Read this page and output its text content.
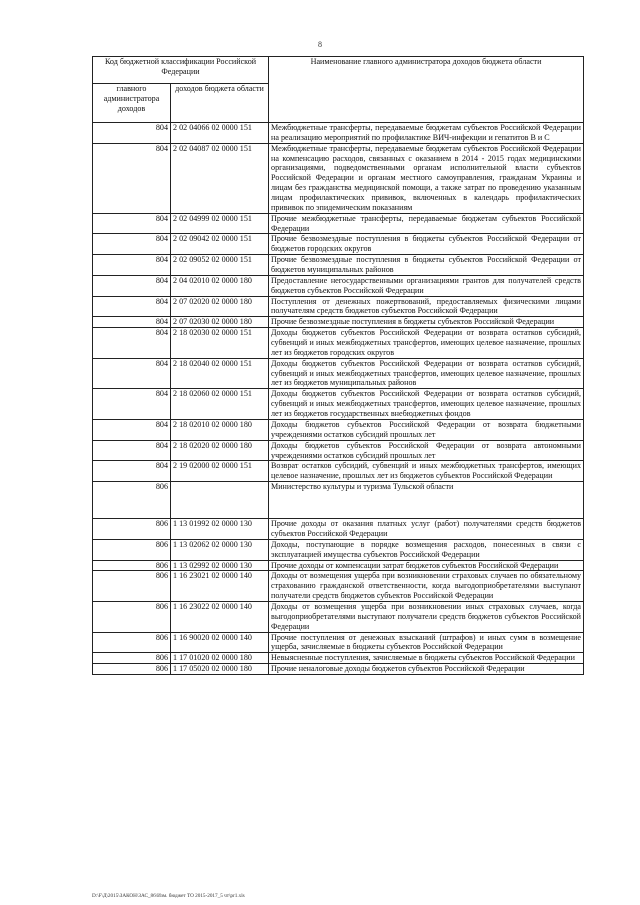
8
Код бюджетной классификации Российской Федерации		Наименование главного администратора доходов бюджета области
главного администратора доходов	доходов бюджета области	
804	2 02 04066 02 0000 151	Межбюджетные трансферты, передаваемые бюджетам субъектов Российской Федерации на реализацию мероприятий по профилактике ВИЧ-инфекции и гепатитов В и С
804	2 02 04087 02 0000 151	Межбюджетные трансферты, передаваемые бюджетам субъектов Российской Федерации на компенсацию расходов, связанных с оказанием в 2014 - 2015 годах медицинскими организациями, подведомственными органам исполнительной власти субъектов Российской Федерации и органам местного самоуправления, гражданам Украины и лицам без гражданства медицинской помощи, а также затрат по проведению указанным лицам профилактических прививок, включенных в календарь профилактических прививок по эпидемическим показаниям
804	2 02 04999 02 0000 151	Прочие межбюджетные трансферты, передаваемые бюджетам субъектов Российской Федерации
804	2 02 09042 02 0000 151	Прочие безвозмездные поступления в бюджеты субъектов Российской Федерации от бюджетов городских округов
804	2 02 09052 02 0000 151	Прочие безвозмездные поступления в бюджеты субъектов Российской Федерации от бюджетов муниципальных районов
804	2 04 02010 02 0000 180	Предоставление негосударственными организациями грантов для получателей средств бюджетов субъектов Российской Федерации
804	2 07 02020 02 0000 180	Поступления от денежных пожертвований, предоставляемых физическими лицами получателям средств бюджетов субъектов Российской Федерации
804	2 07 02030 02 0000 180	Прочие безвозмездные поступления в бюджеты субъектов Российской Федерации
804	2 18 02030 02 0000 151	Доходы бюджетов субъектов Российской Федерации от возврата остатков субсидий, субвенций и иных межбюджетных трансфертов, имеющих целевое назначение, прошлых лет из бюджетов городских округов
804	2 18 02040 02 0000 151	Доходы бюджетов субъектов Российской Федерации от возврата остатков субсидий, субвенций и иных межбюджетных трансфертов, имеющих целевое назначение, прошлых лет из бюджетов муниципальных районов
804	2 18 02060 02 0000 151	Доходы бюджетов субъектов Российской Федерации от возврата остатков субсидий, субвенций и иных межбюджетных трансфертов, имеющих целевое назначение, прошлых лет из бюджетов государственных внебюджетных фондов
804	2 18 02010 02 0000 180	Доходы бюджетов субъектов Российской Федерации от возврата бюджетными учреждениями остатков субсидий прошлых лет
804	2 18 02020 02 0000 180	Доходы бюджетов субъектов Российской Федерации от возврата автономными учреждениями остатков субсидий прошлых лет
804	2 19 02000 02 0000 151	Возврат остатков субсидий, субвенций и иных межбюджетных трансфертов, имеющих целевое назначение, прошлых лет из бюджетов субъектов Российской Федерации
806		Министерство культуры и туризма Тульской области
806	1 13 01992 02 0000 130	Прочие доходы от оказания платных услуг (работ) получателями средств бюджетов субъектов Российской Федерации
806	1 13 02062 02 0000 130	Доходы, поступающие в порядке возмещения расходов, понесенных в связи с эксплуатацией имущества субъектов Российской Федерации
806	1 13 02992 02 0000 130	Прочие доходы от компенсации затрат бюджетов субъектов Российской Федерации
806	1 16 23021 02 0000 140	Доходы от возмещения ущерба при возникновении страховых случаев по обязательному страхованию гражданской ответственности, когда выгодоприобретателями выступают получатели средств бюджетов субъектов Российской Федерации
806	1 16 23022 02 0000 140	Доходы от возмещения ущерба при возникновении иных страховых случаев, когда выгодоприобретателями выступают получатели средств бюджетов субъектов Российской Федерации
806	1 16 90020 02 0000 140	Прочие поступления от денежных взысканий (штрафов) и иных сумм в возмещение ущерба, зачисляемые в бюджеты субъектов Российской Федерации
806	1 17 01020 02 0000 180	Невыясненные поступления, зачисляемые в бюджеты субъектов Российской Федерации
806	1 17 05020 02 0000 180	Прочие неналоговые доходы бюджетов субъектов Российской Федерации
D:\F\Д\2015\ЗАКОН\ЗАС_86\Изм. бюджет ТО 2015-2017_5 чт\pr1.xls
